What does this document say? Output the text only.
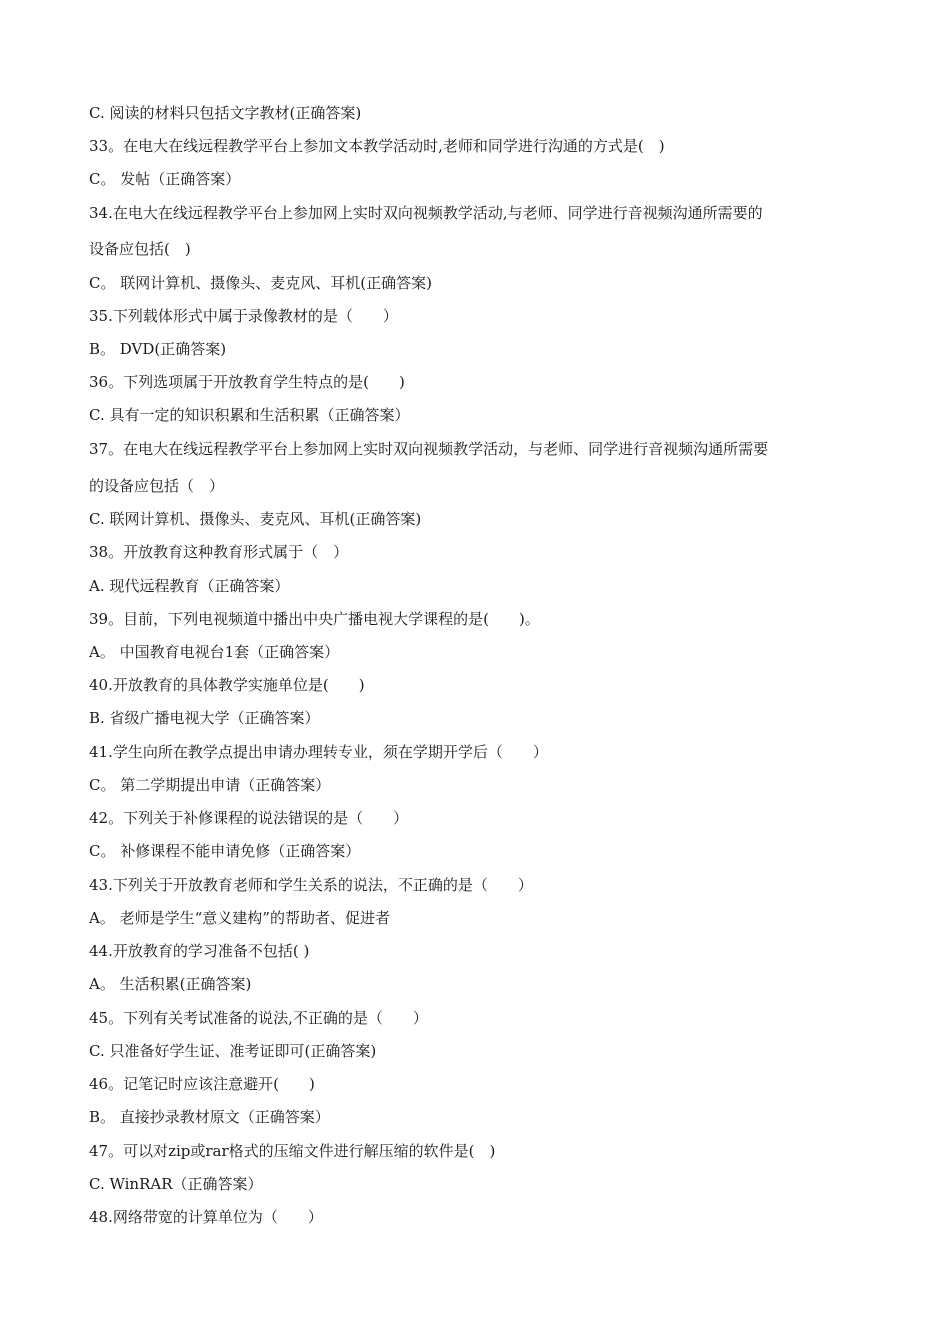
C. 阅读的材料只包括文字教材(正确答案)
33。在电大在线远程教学平台上参加文本教学活动时,老师和同学进行沟通的方式是(　)
C。 发帖（正确答案）
34.在电大在线远程教学平台上参加网上实时双向视频教学活动,与老师、同学进行音视频沟通所需要的
设备应包括(　)
C。 联网计算机、摄像头、麦克风、耳机(正确答案)
35.下列载体形式中属于录像教材的是（　　）
B。 DVD(正确答案)
36。下列选项属于开放教育学生特点的是(　　)
C. 具有一定的知识积累和生活积累（正确答案）
37。在电大在线远程教学平台上参加网上实时双向视频教学活动，与老师、同学进行音视频沟通所需要
的设备应包括（　）
C. 联网计算机、摄像头、麦克风、耳机(正确答案)
38。开放教育这种教育形式属于（　）
A. 现代远程教育（正确答案）
39。目前，下列电视频道中播出中央广播电视大学课程的是(　　)。
A。 中国教育电视台1套（正确答案）
40.开放教育的具体教学实施单位是(　　)
B. 省级广播电视大学（正确答案）
41.学生向所在教学点提出申请办理转专业，须在学期开学后（　　）
C。 第二学期提出申请（正确答案）
42。下列关于补修课程的说法错误的是（　　）
C。 补修课程不能申请免修（正确答案）
43.下列关于开放教育老师和学生关系的说法，不正确的是（　　）
A。 老师是学生“意义建构”的帮助者、促进者
44.开放教育的学习准备不包括( )
A。 生活积累(正确答案)
45。下列有关考试准备的说法,不正确的是（　　）
C. 只准备好学生证、准考证即可(正确答案)
46。记笔记时应该注意避开(　　)
B。 直接抄录教材原文（正确答案）
47。可以对zip或rar格式的压缩文件进行解压缩的软件是(　)
C. WinRAR（正确答案）
48.网络带宽的计算单位为（　　）
